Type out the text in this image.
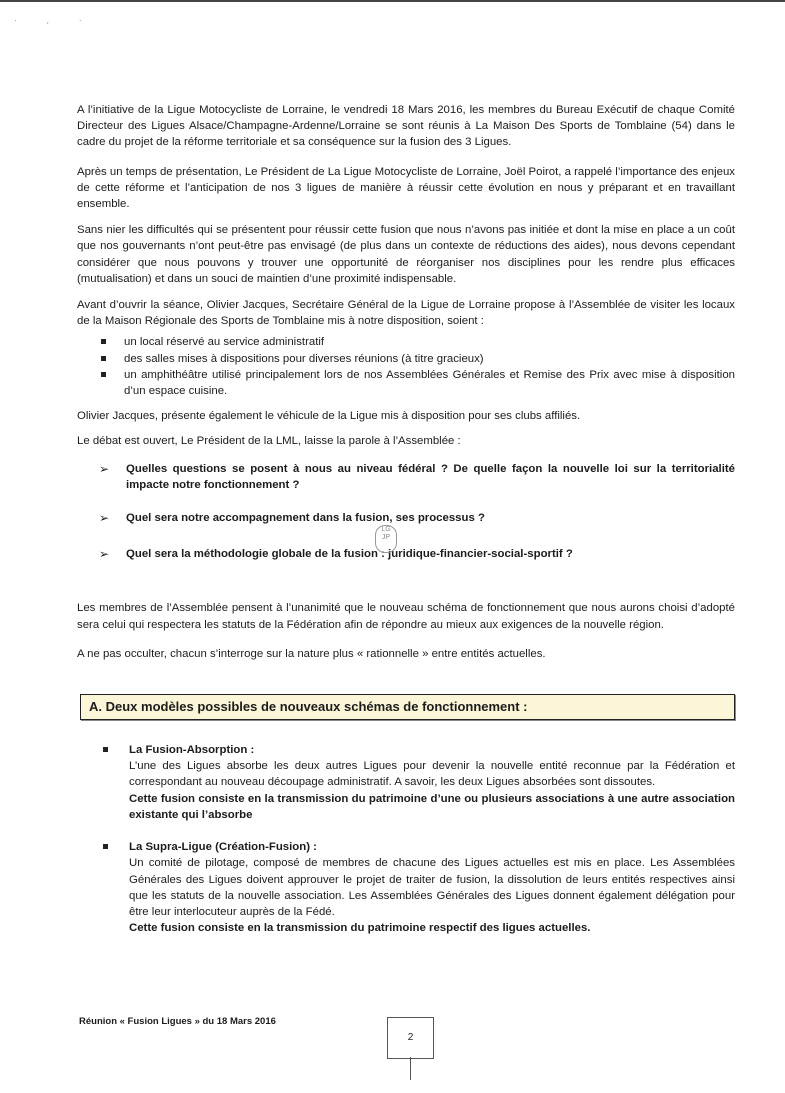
· ‚ ·

A l’initiative de la Ligue Motocycliste de Lorraine, le vendredi 18 Mars 2016, les membres du Bureau Exécutif de chaque Comité Directeur des Ligues Alsace/Champagne-Ardenne/Lorraine se sont réunis à La Maison Des Sports de Tomblaine (54) dans le cadre du projet de la réforme territoriale et sa conséquence sur la fusion des 3 Ligues.

Après un temps de présentation, Le Président de La Ligue Motocycliste de Lorraine, Joël Poirot, a rappelé l’importance des enjeux de cette réforme et l’anticipation de nos 3 ligues de manière à réussir cette évolution en nous y préparant et en travaillant ensemble.

Sans nier les difficultés qui se présentent pour réussir cette fusion que nous n’avons pas initiée et dont la mise en place a un coût que nos gouvernants n’ont peut-être pas envisagé (de plus dans un contexte de réductions des aides), nous devons cependant considérer que nous pouvons y trouver une opportunité de réorganiser nos disciplines pour les rendre plus efficaces (mutualisation) et dans un souci de maintien d’une proximité indispensable.

Avant d’ouvrir la séance, Olivier Jacques, Secrétaire Général de la Ligue de Lorraine propose à l’Assemblée de visiter les locaux de la Maison Régionale des Sports de Tomblaine mis à notre disposition, soient :

un local réservé au service administratif
des salles mises à dispositions pour diverses réunions (à titre gracieux)
un amphithéâtre utilisé principalement lors de nos Assemblées Générales et Remise des Prix avec mise à disposition d’un espace cuisine.

Olivier Jacques, présente également le véhicule de la Ligue mis à disposition pour ses clubs affiliés.

Le débat est ouvert, Le Président de la LML, laisse la parole à l’Assemblée :

➢ Quelles questions se posent à nous au niveau fédéral ? De quelle façon la nouvelle loi sur la territorialité impacte notre fonctionnement ?
➢ Quel sera notre accompagnement dans la fusion, ses processus ?
➢ Quel sera la méthodologie globale de la fusion : juridique-financier-social-sportif ?

Les membres de l’Assemblée pensent à l’unanimité que le nouveau schéma de fonctionnement que nous aurons choisi d’adopté sera celui qui respectera les statuts de la Fédération afin de répondre au mieux aux exigences de la nouvelle région.

A ne pas occulter, chacun s’interroge sur la nature plus « rationnelle » entre entités actuelles.

A. Deux modèles possibles de nouveaux schémas de fonctionnement :
La Fusion-Absorption :
L’une des Ligues absorbe les deux autres Ligues pour devenir la nouvelle entité reconnue par la Fédération et correspondant au nouveau découpage administratif. A savoir, les deux Ligues absorbées sont dissoutes.
Cette fusion consiste en la transmission du patrimoine d’une ou plusieurs associations à une autre association existante qui l’absorbe
La Supra-Ligue (Création-Fusion) :
Un comité de pilotage, composé de membres de chacune des Ligues actuelles est mis en place. Les Assemblées Générales des Ligues doivent approuver le projet de traiter de fusion, la dissolution de leurs entités respectives ainsi que les statuts de la nouvelle association. Les Assemblées Générales des Ligues donnent également délégation pour être leur interlocuteur auprès de la Fédé.
Cette fusion consiste en la transmission du patrimoine respectif des ligues actuelles.
LG
JP
Réunion « Fusion Ligues » du 18 Mars 2016
2
